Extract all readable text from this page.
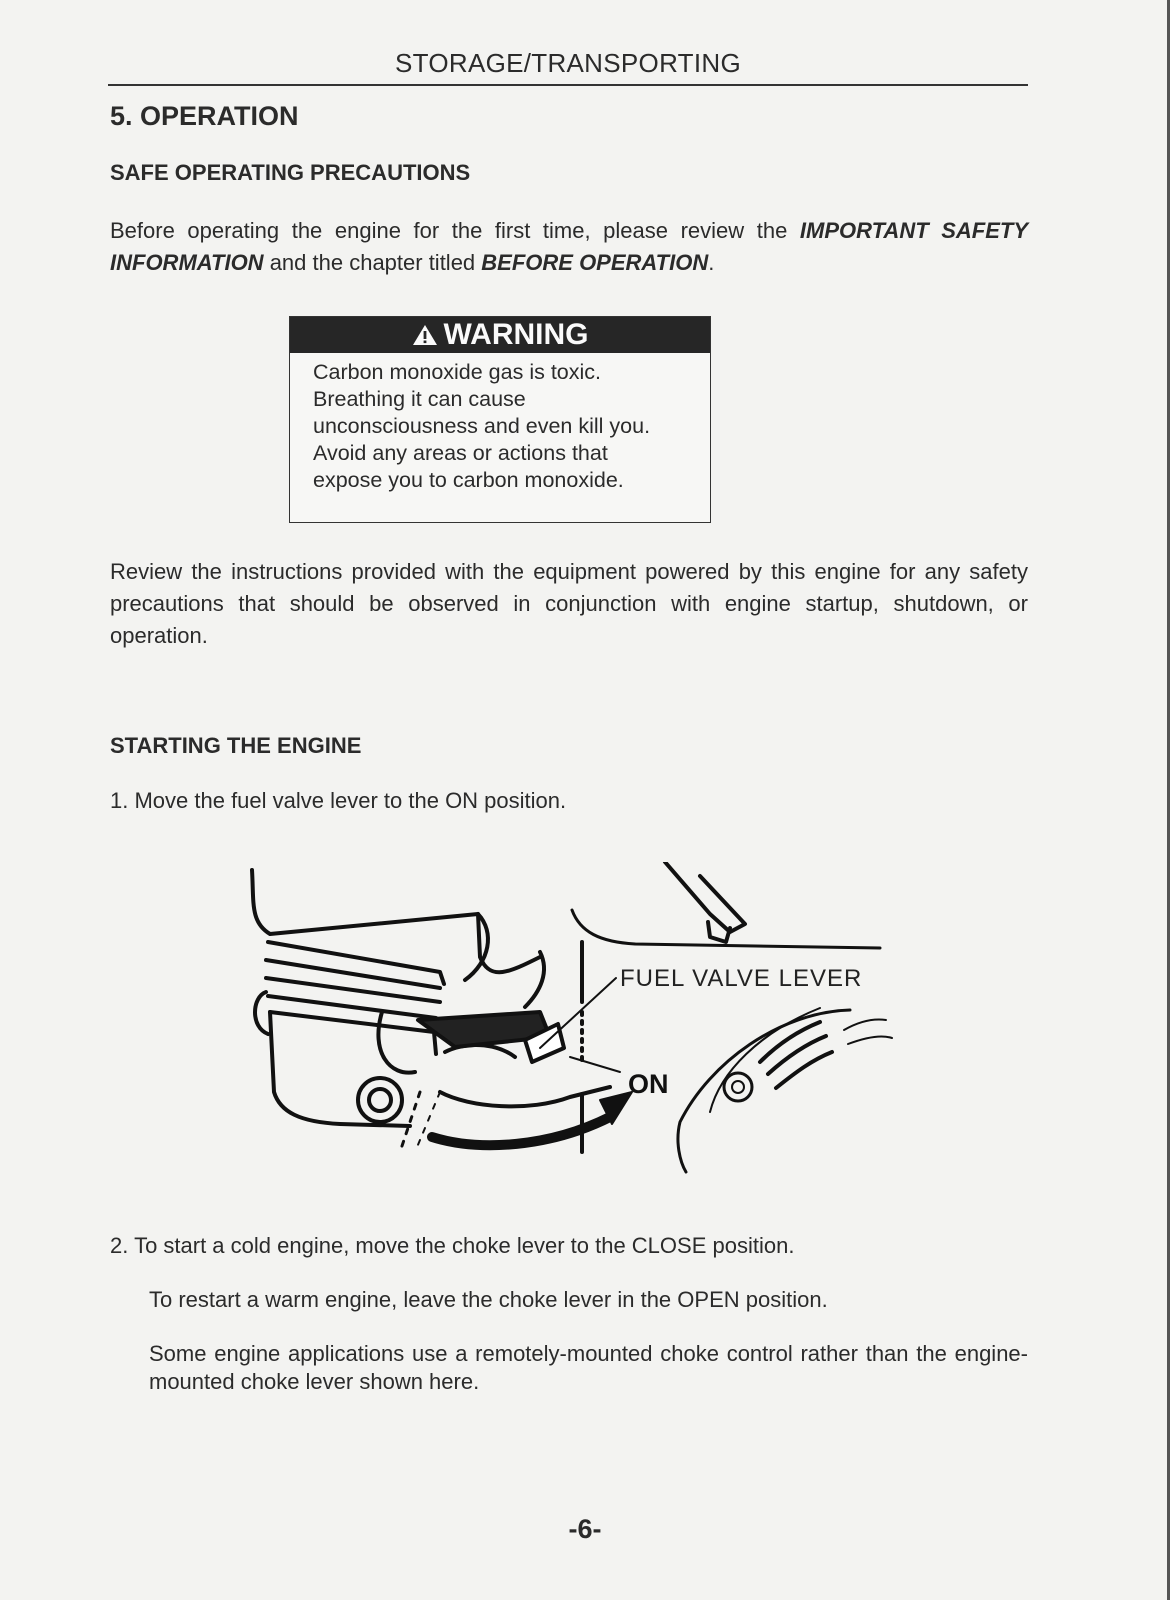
STORAGE/TRANSPORTING
5. OPERATION
SAFE OPERATING PRECAUTIONS
Before operating the engine for the first time, please review the IMPORTANT SAFETY INFORMATION and the chapter titled BEFORE OPERATION.
WARNING
Carbon monoxide gas is toxic.
Breathing it can cause
unconsciousness and even kill you.
Avoid any areas or actions that
expose you to carbon monoxide.
Review the instructions provided with the equipment powered by this engine for any safety precautions that should be observed in conjunction with engine startup, shutdown, or operation.
STARTING THE ENGINE
1. Move the fuel valve lever to the ON position.
FUEL VALVE LEVER
ON
2. To start a cold engine, move the choke lever to the CLOSE position.
To restart a warm engine, leave the choke lever in the OPEN position.
Some engine applications use a remotely-mounted choke control rather than the engine-mounted choke lever shown here.
-6-
